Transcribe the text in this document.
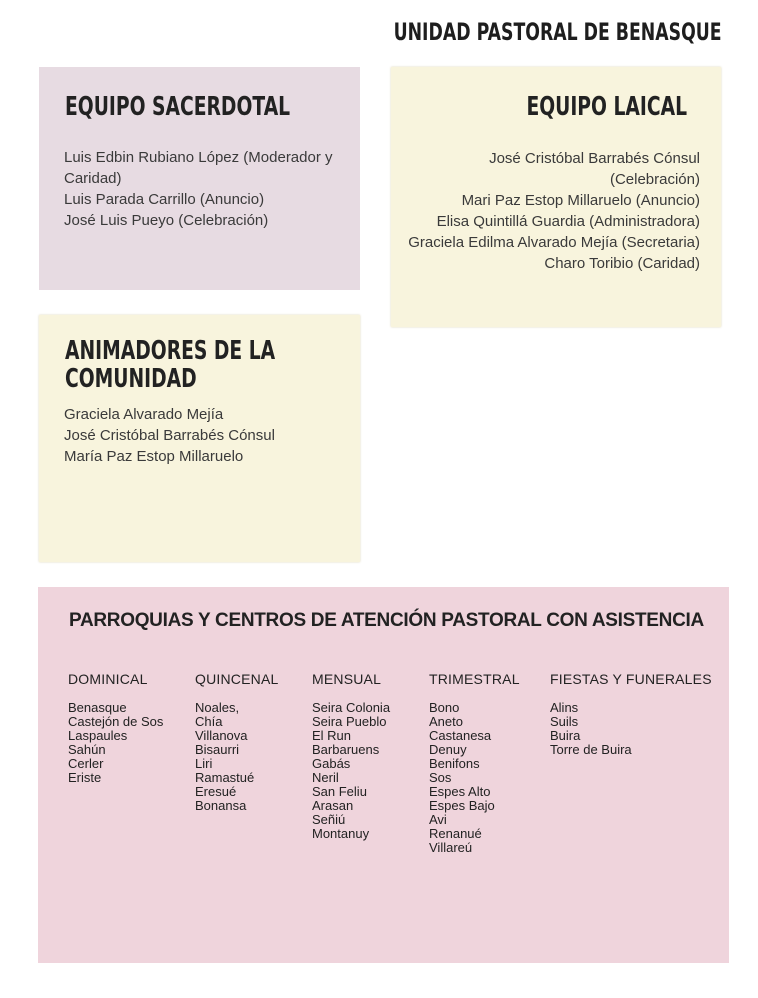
UNIDAD PASTORAL DE BENASQUE
EQUIPO SACERDOTAL
Luis Edbin Rubiano López (Moderador y Caridad)
Luis Parada Carrillo (Anuncio)
José Luis Pueyo (Celebración)
EQUIPO LAICAL
José Cristóbal Barrabés Cónsul (Celebración)
Mari Paz Estop Millaruelo (Anuncio)
Elisa Quintillá Guardia (Administradora)
Graciela Edilma Alvarado Mejía (Secretaria)
Charo Toribio (Caridad)
ANIMADORES DE LA
COMUNIDAD
Graciela Alvarado Mejía
José Cristóbal Barrabés Cónsul
María Paz Estop Millaruelo
PARROQUIAS Y CENTROS DE ATENCIÓN PASTORAL CON ASISTENCIA
DOMINICAL
Benasque
Castejón de Sos
Laspaules
Sahún
Cerler
Eriste
QUINCENAL
Noales,
Chía
Villanova
Bisaurri
Liri
Ramastué
Eresué
Bonansa
MENSUAL
Seira Colonia
Seira Pueblo
El Run
Barbaruens
Gabás
Neril
San Feliu
Arasan
Señiú
Montanuy
TRIMESTRAL
Bono
Aneto
Castanesa
Denuy
Benifons
Sos
Espes Alto
Espes Bajo
Avi
Renanué
Villareú
FIESTAS Y FUNERALES
Alins
Suils
Buira
Torre de Buira
